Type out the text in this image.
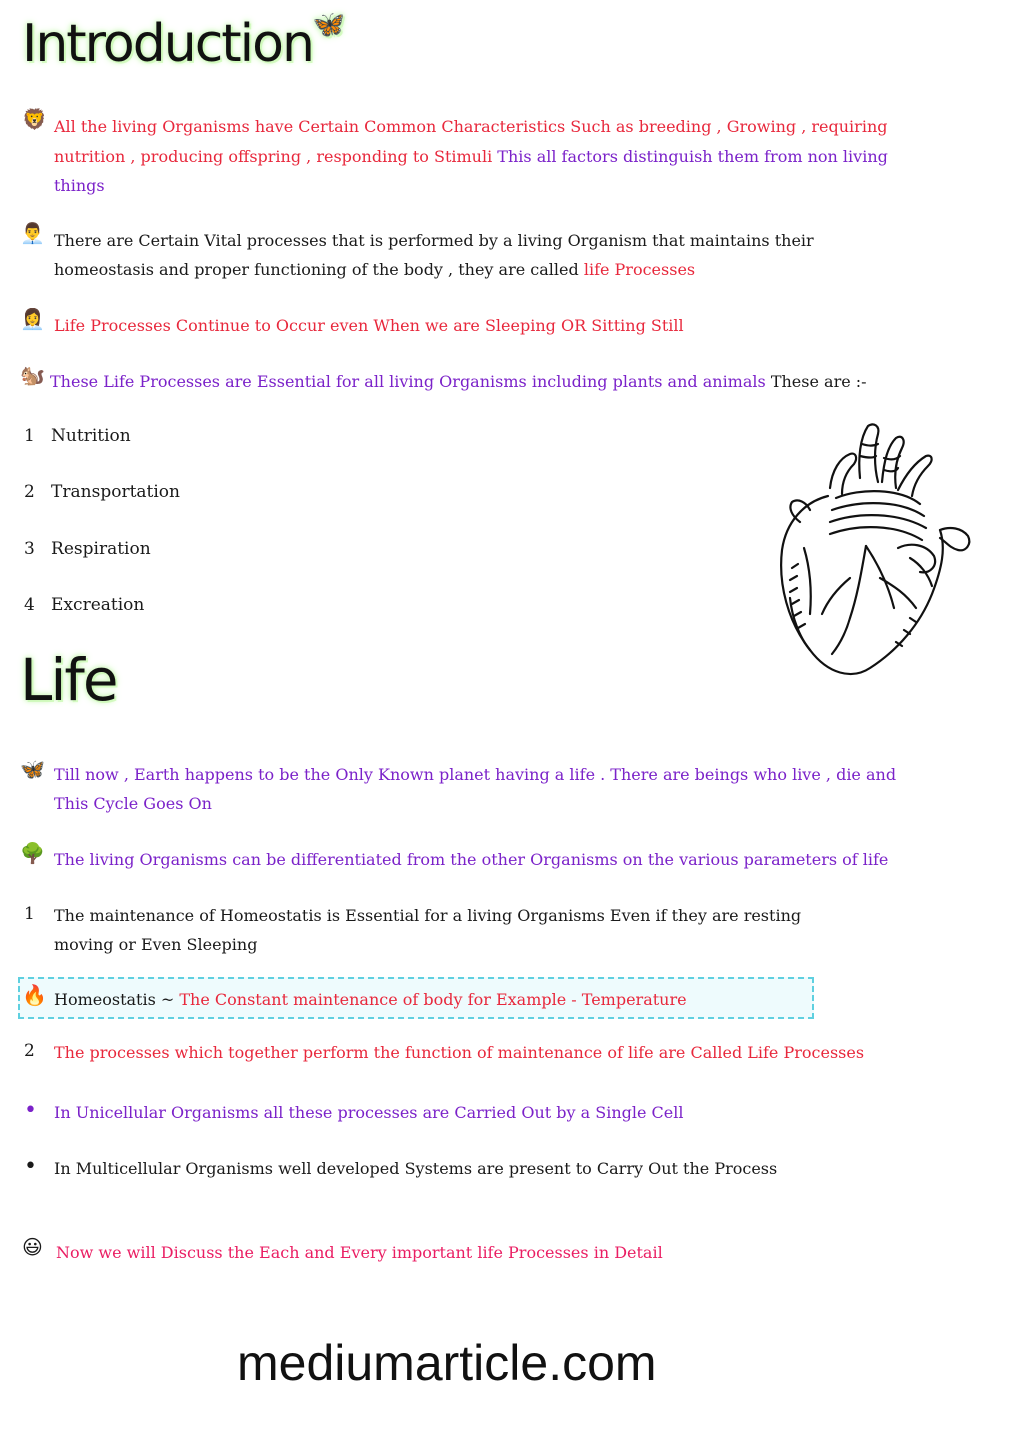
Introduction🦋
🦁 All the living Organisms have Certain Common Characteristics Such as breeding , Growing , requiring
nutrition , producing offspring , responding to Stimuli This all factors distinguish them from non living
things
👨‍💼 There are Certain Vital processes that is performed by a living Organism that maintains their
homeostasis and proper functioning of the body , they are called life Processes
👩‍💼 Life Processes Continue to Occur even When we are Sleeping OR Sitting Still
🐿️ These Life Processes are Essential for all living Organisms including plants and animals These are :-
1 Nutrition
2 Transportation
3 Respiration
4 Excreation
Life
🦋 Till now , Earth happens to be the Only Known planet having a life . There are beings who live , die and
This Cycle Goes On
🌳 The living Organisms can be differentiated from the other Organisms on the various parameters of life
1 The maintenance of Homeostatis is Essential for a living Organisms Even if they are resting
moving or Even Sleeping
🔥 Homeostatis ~ The Constant maintenance of body for Example - Temperature
2 The processes which together perform the function of maintenance of life are Called Life Processes
• In Unicellular Organisms all these processes are Carried Out by a Single Cell
• In Multicellular Organisms well developed Systems are present to Carry Out the Process
😃 Now we will Discuss the Each and Every important life Processes in Detail
mediumarticle.com
